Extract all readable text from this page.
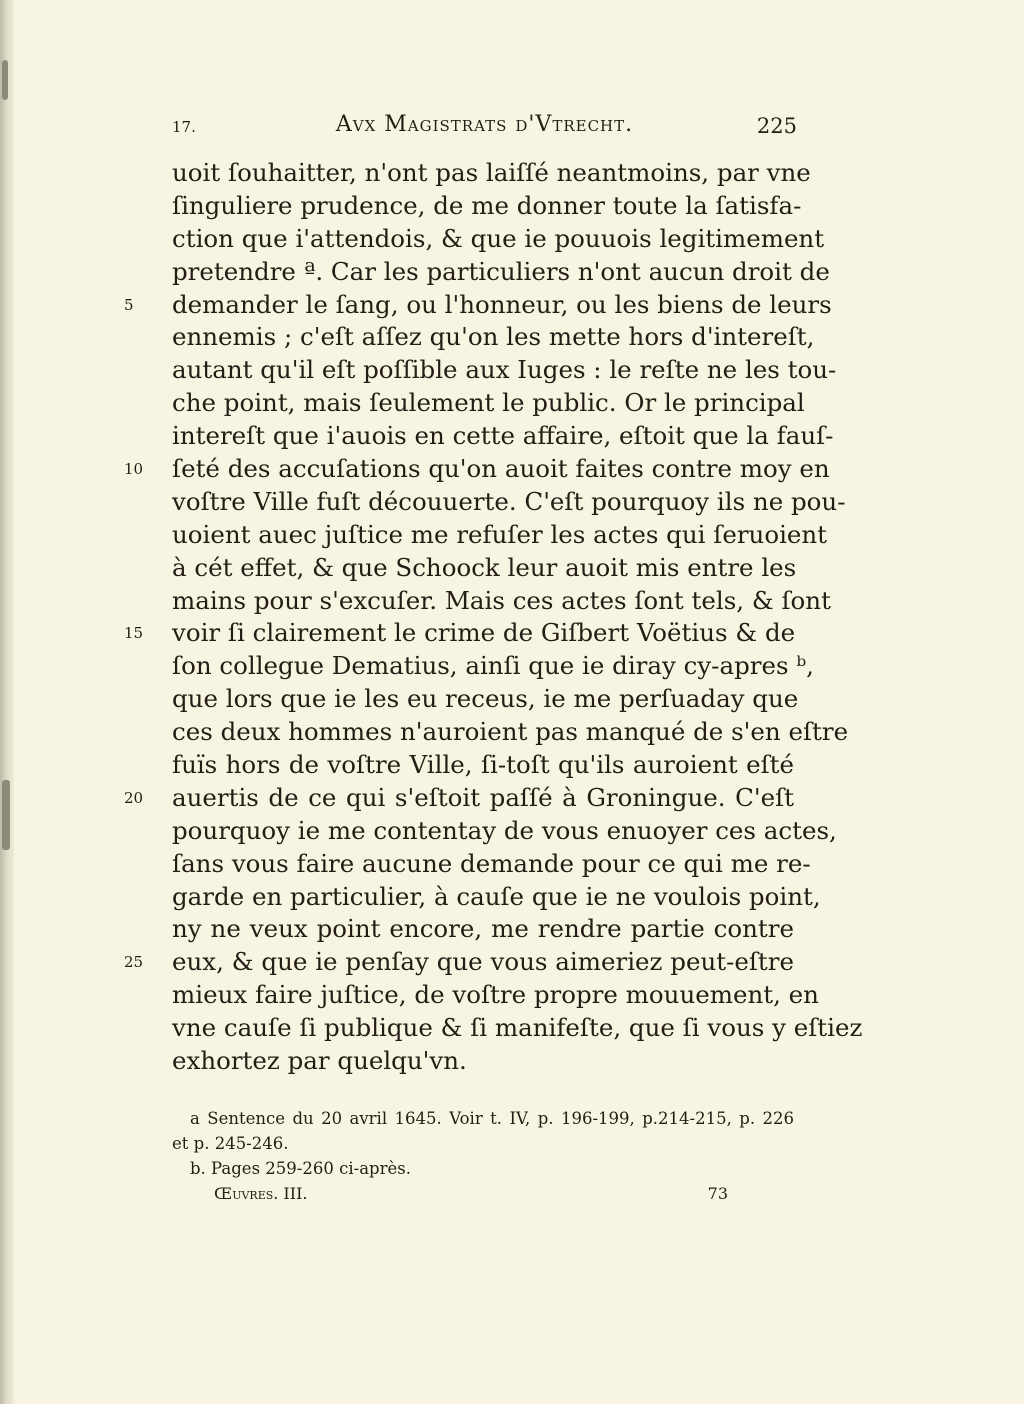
17.	Avx Magistrats d'Vtrecht.	225
uoit ſouhaitter, n'ont pas laiſſé neantmoins, par vne
ſinguliere prudence, de me donner toute la ſatisfa-
ction que i'attendois, & que ie pouuois legitimement
pretendre ª. Car les particuliers n'ont aucun droit de
5	demander le ſang, ou l'honneur, ou les biens de leurs
ennemis ; c'eſt aſſez qu'on les mette hors d'intereſt,
autant qu'il eſt poſſible aux Iuges : le reſte ne les tou-
che point, mais ſeulement le public. Or le principal
intereſt que i'auois en cette affaire, eſtoit que la fauſ-
10 ſeté des accuſations qu'on auoit faites contre moy en
voſtre Ville fuſt découuerte. C'eſt pourquoy ils ne pou-
uoient auec juſtice me refuſer les actes qui ſeruoient
à cét effet, & que Schoock leur auoit mis entre les
mains pour s'excuſer. Mais ces actes ſont tels, & ſont
15 voir ſi clairement le crime de Giſbert Voëtius & de
ſon collegue Dematius, ainſi que ie diray cy-apres ᵇ,
que lors que ie les eu receus, ie me perſuaday que
ces deux hommes n'auroient pas manqué de s'en eſtre
fuïs hors de voſtre Ville, ſi-toſt qu'ils auroient eſté
20 auertis de ce qui s'eſtoit paſſé à Groningue. C'eſt
pourquoy ie me contentay de vous enuoyer ces actes,
ſans vous faire aucune demande pour ce qui me re-
garde en particulier, à cauſe que ie ne voulois point,
ny ne veux point encore, me rendre partie contre
25 eux, & que ie penſay que vous aimeriez peut-eſtre
mieux faire juſtice, de voſtre propre mouuement, en
vne cauſe ſi publique & ſi manifeſte, que ſi vous y eſtiez
exhortez par quelqu'vn.
a Sentence du 20 avril 1645. Voir t. IV, p. 196-199, p.214-215, p. 226
et p. 245-246.
b. Pages 259-260 ci-après.
Œuvres. III.	73
